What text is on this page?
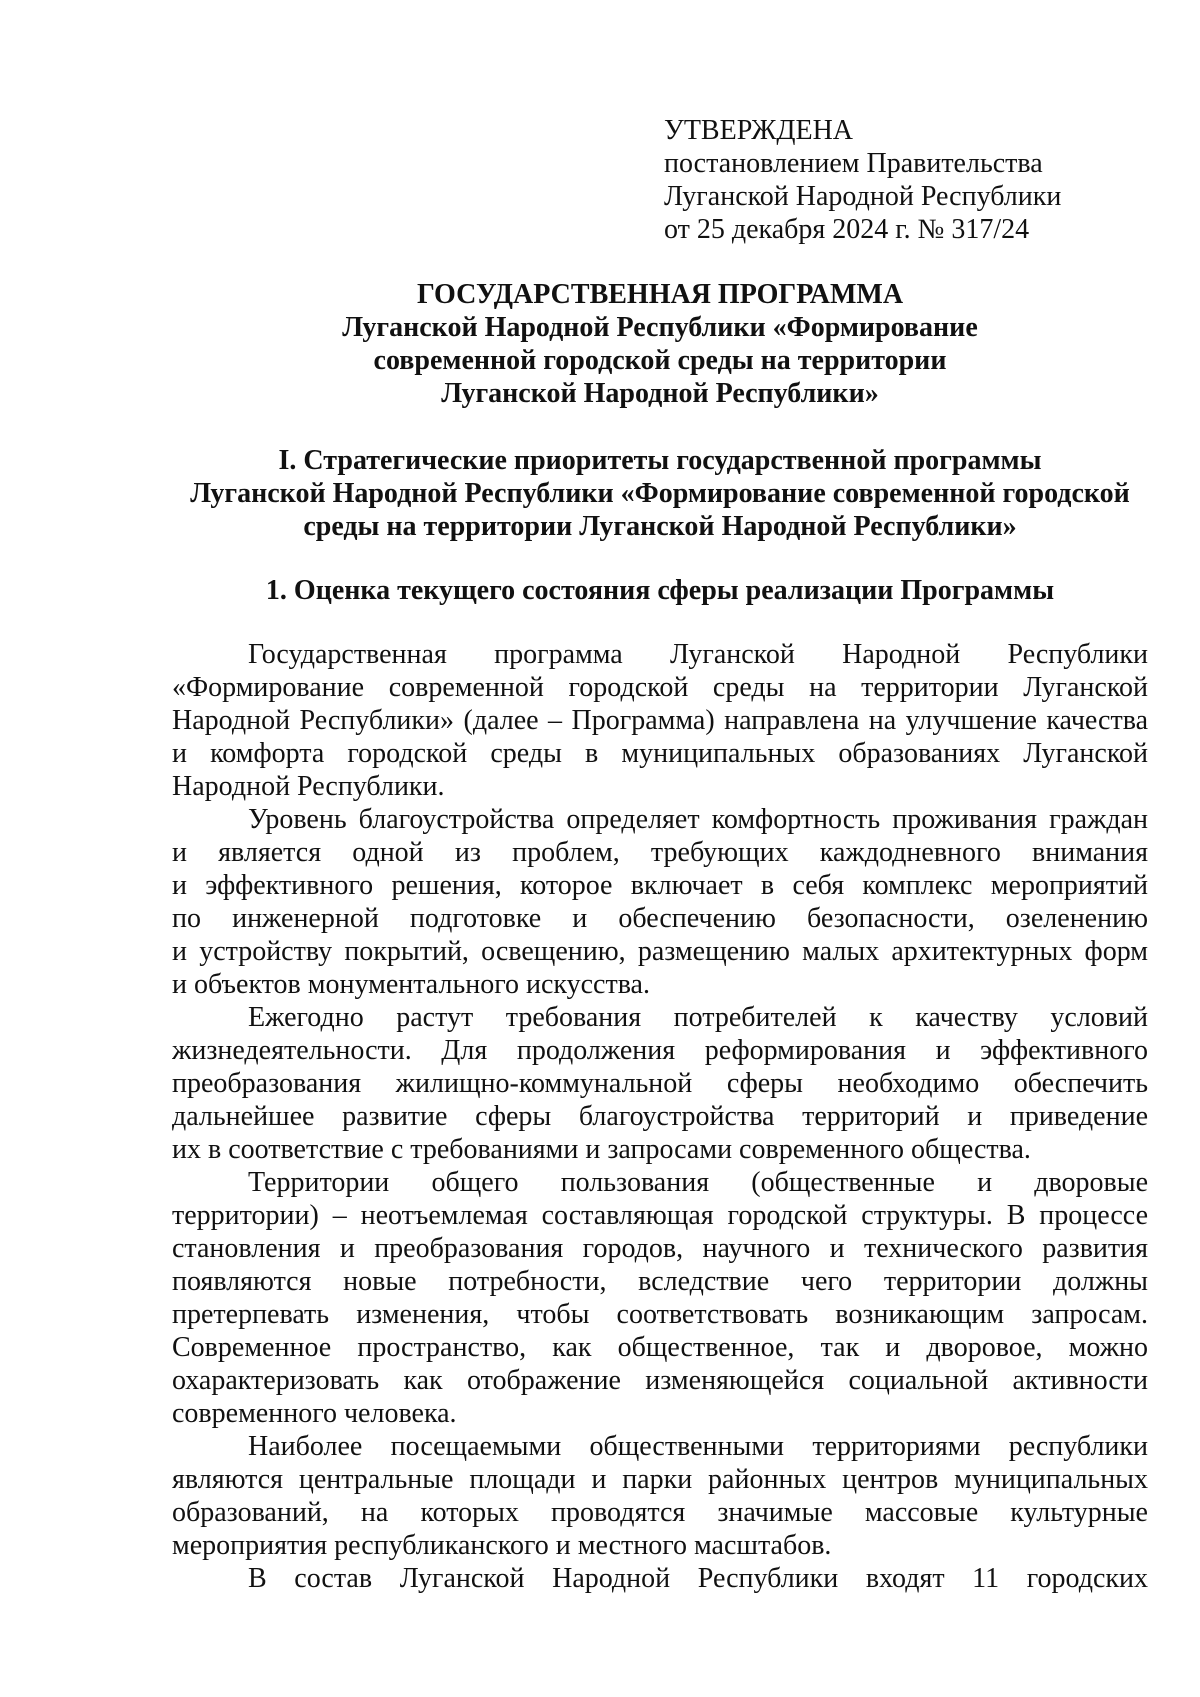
УТВЕРЖДЕНА
постановлением Правительства
Луганской Народной Республики
от 25 декабря 2024 г. № 317/24
ГОСУДАРСТВЕННАЯ ПРОГРАММА
Луганской Народной Республики «Формирование
современной городской среды на территории
Луганской Народной Республики»
I. Стратегические приоритеты государственной программы
Луганской Народной Республики «Формирование современной городской
среды на территории Луганской Народной Республики»
1. Оценка текущего состояния сферы реализации Программы
Государственная программа Луганской Народной Республики
«Формирование современной городской среды на территории Луганской
Народной Республики» (далее – Программа) направлена на улучшение качества
и комфорта городской среды в муниципальных образованиях Луганской
Народной Республики.
Уровень благоустройства определяет комфортность проживания граждан
и является одной из проблем, требующих каждодневного внимания
и эффективного решения, которое включает в себя комплекс мероприятий
по инженерной подготовке и обеспечению безопасности, озеленению
и устройству покрытий, освещению, размещению малых архитектурных форм
и объектов монументального искусства.
Ежегодно растут требования потребителей к качеству условий
жизнедеятельности. Для продолжения реформирования и эффективного
преобразования жилищно-коммунальной сферы необходимо обеспечить
дальнейшее развитие сферы благоустройства территорий и приведение
их в соответствие с требованиями и запросами современного общества.
Территории общего пользования (общественные и дворовые
территории) – неотъемлемая составляющая городской структуры. В процессе
становления и преобразования городов, научного и технического развития
появляются новые потребности, вследствие чего территории должны
претерпевать изменения, чтобы соответствовать возникающим запросам.
Современное пространство, как общественное, так и дворовое, можно
охарактеризовать как отображение изменяющейся социальной активности
современного человека.
Наиболее посещаемыми общественными территориями республики
являются центральные площади и парки районных центров муниципальных
образований, на которых проводятся значимые массовые культурные
мероприятия республиканского и местного масштабов.
В состав Луганской Народной Республики входят 11 городских
